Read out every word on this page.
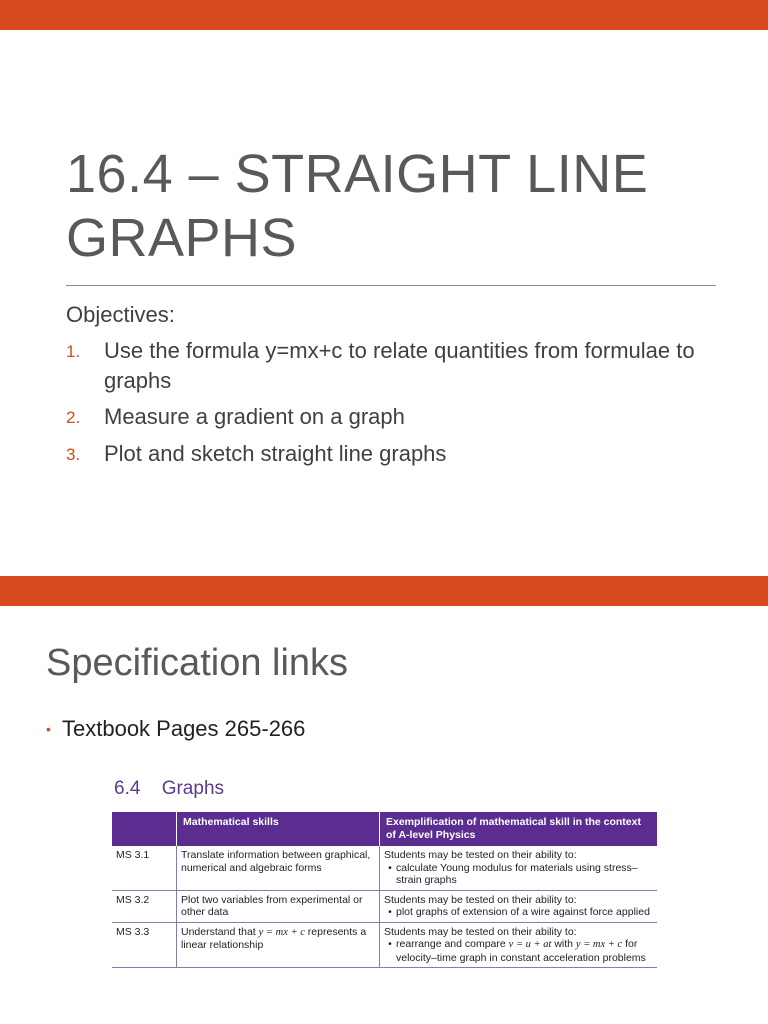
16.4 – STRAIGHT LINE GRAPHS

Objectives:

1.	Use the formula y=mx+c to relate quantities from formulae to graphs
2.	Measure a gradient on a graph
3.	Plot and sketch straight line graphs
Specification links
• Textbook Pages 265-266
6.4 Graphs
	Mathematical skills	Exemplification of mathematical skill in the context of A-level Physics
MS 3.1	Translate information between graphical, numerical and algebraic forms	Students may be tested on their ability to:
• calculate Young modulus for materials using stress–strain graphs

MS 3.2	Plot two variables from experimental or other data	Students may be tested on their ability to:
• plot graphs of extension of a wire against force applied

MS 3.3	Understand that y = mx + c represents a linear relationship	Students may be tested on their ability to:
• rearrange and compare v = u + at with y = mx + c for velocity–time graph in constant acceleration problems
